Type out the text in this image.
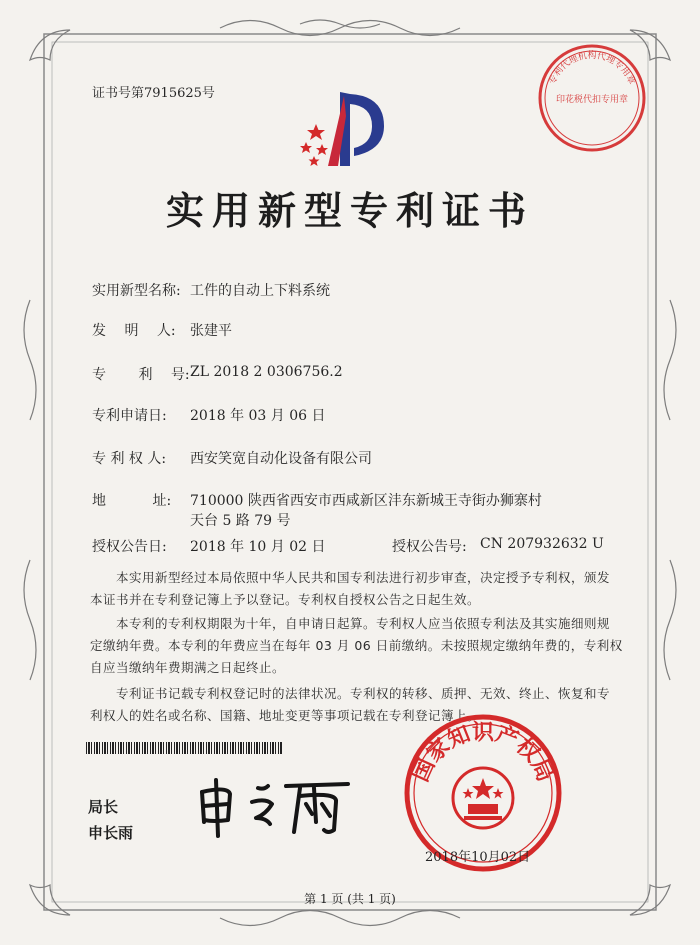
证书号第7915625号	印花税代扣专用章
专利代理机构代理专用章
实用新型专利证书
实用新型名称: 工件的自动上下料系统
发　 明　 人: 张建平
专　　 利　 号: ZL 2018 2 0306756.2
专利申请日: 2018 年 03 月 06 日
专 利 权 人: 西安笑宽自动化设备有限公司
地　　　 址: 710000 陕西省西安市西咸新区沣东新城王寺街办狮寨村
天台 5 路 79 号
授权公告日: 2018 年 10 月 02 日	授权公告号: CN 207932632 U
本实用新型经过本局依照中华人民共和国专利法进行初步审查，决定授予专利权，颁发
本证书并在专利登记簿上予以登记。专利权自授权公告之日起生效。
本专利的专利权期限为十年，自申请日起算。专利权人应当依照专利法及其实施细则规
定缴纳年费。本专利的年费应当在每年 03 月 06 日前缴纳。未按照规定缴纳年费的，专利权
自应当缴纳年费期满之日起终止。
专利证书记载专利权登记时的法律状况。专利权的转移、质押、无效、终止、恢复和专
利权人的姓名或名称、国籍、地址变更等事项记载在专利登记簿上。
局长
申长雨
国家知识产权局
2018年10月02日
第 1 页 (共 1 页)
